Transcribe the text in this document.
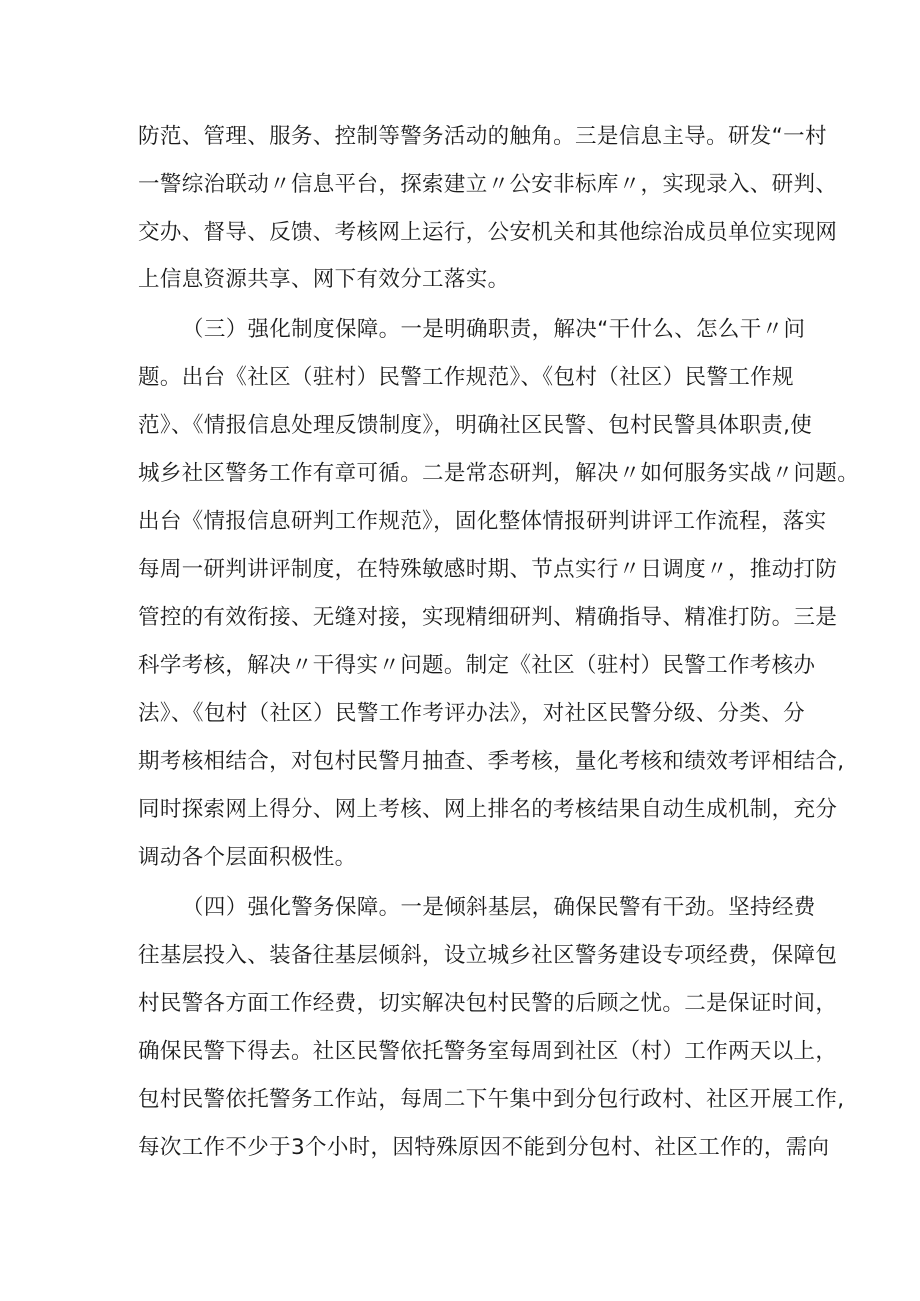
防范、管理、服务、控制等警务活动的触角。三是信息主导。研发“一村
一警综治联动〃信息平台，探索建立〃公安非标库〃，实现录入、研判、
交办、督导、反馈、考核网上运行，公安机关和其他综治成员单位实现网
上信息资源共享、网下有效分工落实。
（三）强化制度保障。一是明确职责，解决“干什么、怎么干〃问
题。出台《社区（驻村）民警工作规范》、《包村（社区）民警工作规
范》、《情报信息处理反馈制度》，明确社区民警、包村民警具体职责,使
城乡社区警务工作有章可循。二是常态研判，解决〃如何服务实战〃问题。
出台《情报信息研判工作规范》，固化整体情报研判讲评工作流程，落实
每周一研判讲评制度，在特殊敏感时期、节点实行〃日调度〃，推动打防
管控的有效衔接、无缝对接，实现精细研判、精确指导、精准打防。三是
科学考核，解决〃干得实〃问题。制定《社区（驻村）民警工作考核办
法》、《包村（社区）民警工作考评办法》，对社区民警分级、分类、分
期考核相结合，对包村民警月抽查、季考核，量化考核和绩效考评相结合,
同时探索网上得分、网上考核、网上排名的考核结果自动生成机制，充分
调动各个层面积极性。
（四）强化警务保障。一是倾斜基层，确保民警有干劲。坚持经费
往基层投入、装备往基层倾斜，设立城乡社区警务建设专项经费，保障包
村民警各方面工作经费，切实解决包村民警的后顾之忧。二是保证时间，
确保民警下得去。社区民警依托警务室每周到社区（村）工作两天以上，
包村民警依托警务工作站，每周二下午集中到分包行政村、社区开展工作,
每次工作不少于3个小时，因特殊原因不能到分包村、社区工作的，需向
